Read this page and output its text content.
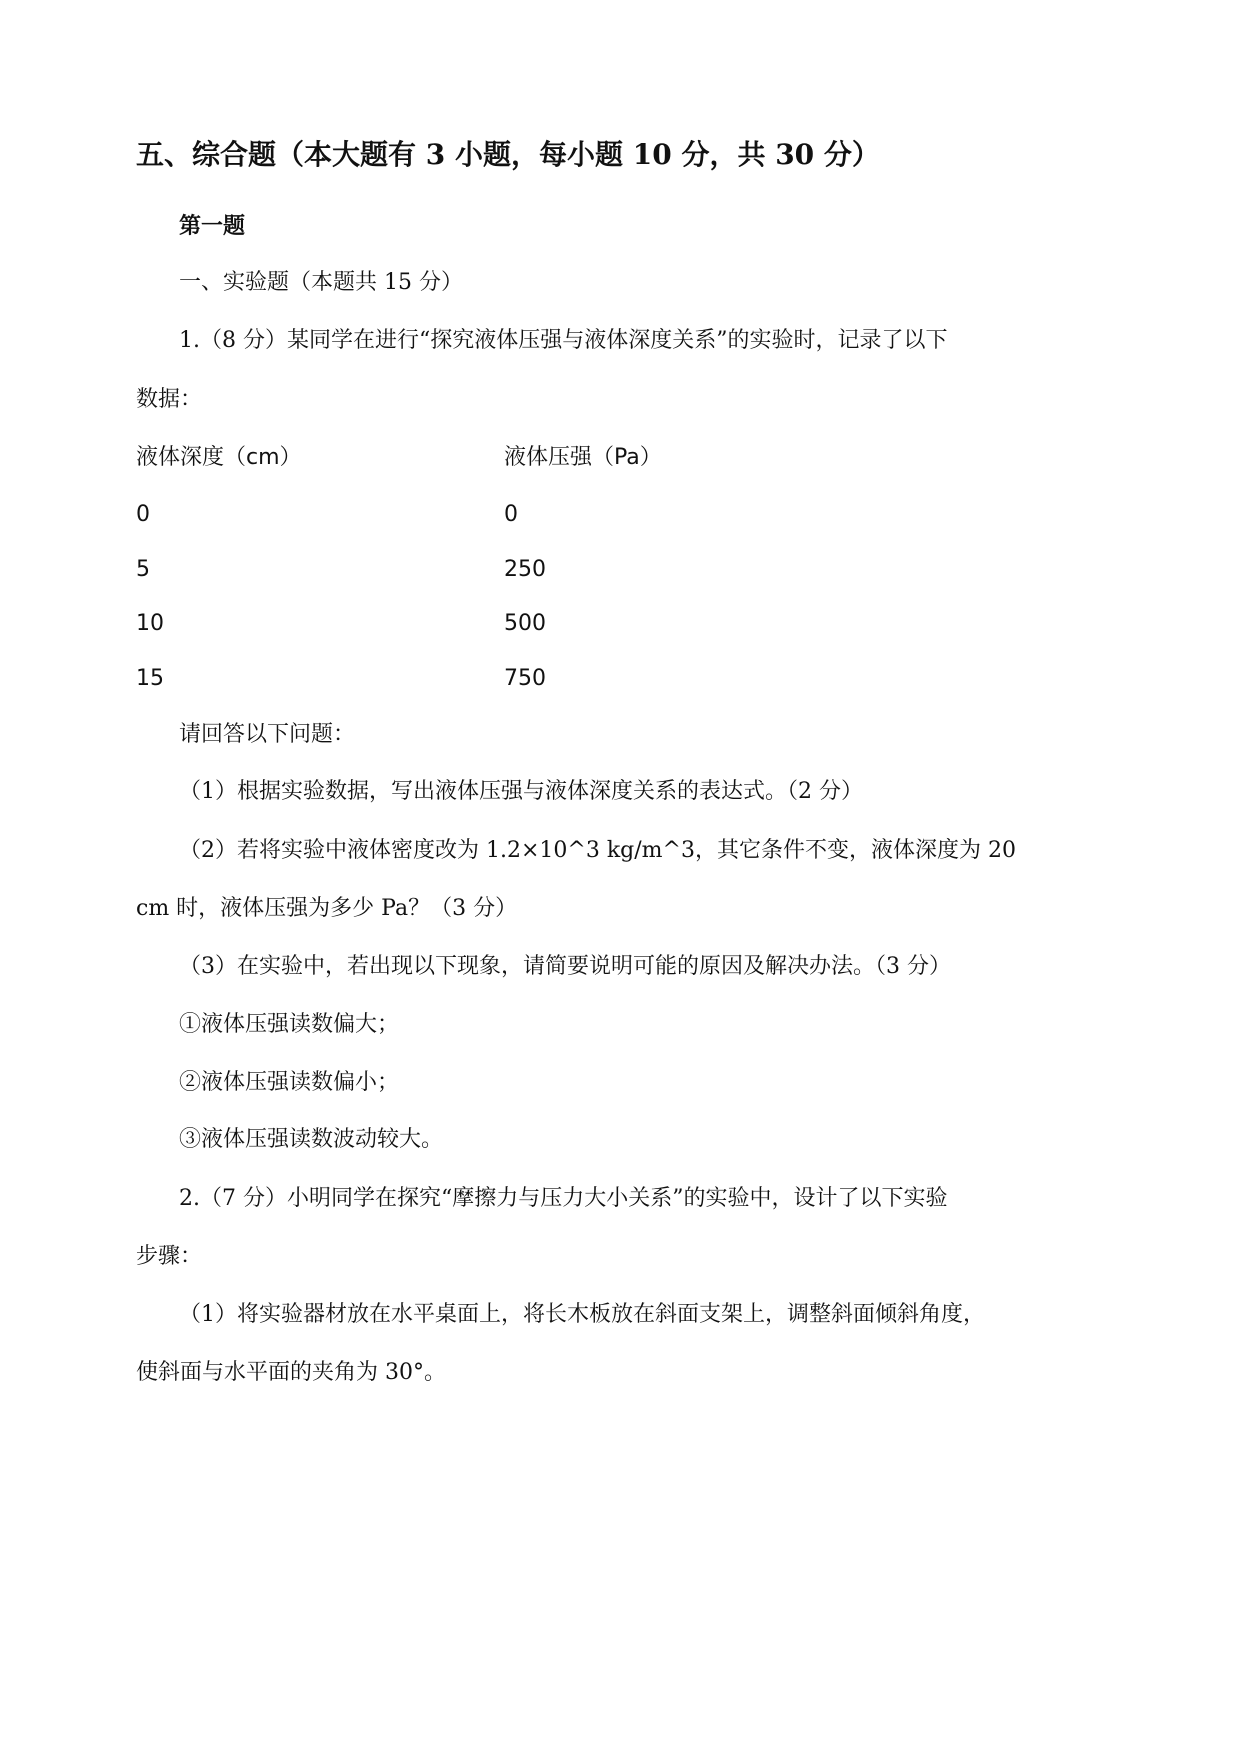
五、综合题（本大题有 3 小题，每小题 10 分，共 30 分）
第一题
一、实验题（本题共 15 分）
1.（8 分）某同学在进行“探究液体压强与液体深度关系”的实验时，记录了以下
数据：
液体深度（cm）	液体压强（Pa）
0	0
5	250
10	500
15	750
请回答以下问题：
（1）根据实验数据，写出液体压强与液体深度关系的表达式。（2 分）
（2）若将实验中液体密度改为 1.2×10^3 kg/m^3，其它条件不变，液体深度为 20
cm 时，液体压强为多少 Pa？（3 分）
（3）在实验中，若出现以下现象，请简要说明可能的原因及解决办法。（3 分）
①液体压强读数偏大；
②液体压强读数偏小；
③液体压强读数波动较大。
2.（7 分）小明同学在探究“摩擦力与压力大小关系”的实验中，设计了以下实验
步骤：
（1）将实验器材放在水平桌面上，将长木板放在斜面支架上，调整斜面倾斜角度，
使斜面与水平面的夹角为 30°。
